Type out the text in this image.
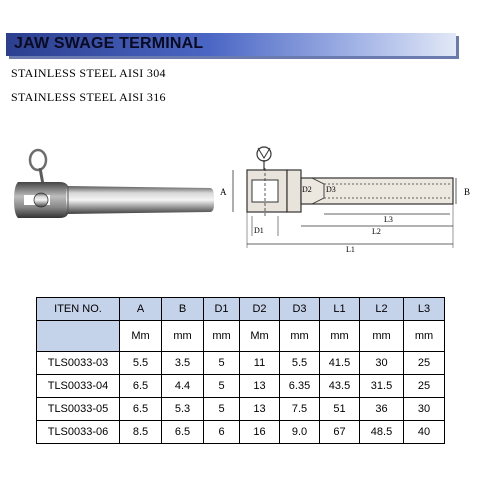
JAW SWAGE TERMINAL
STAINLESS STEEL AISI 304
STAINLESS STEEL AISI 316
B
A	D2 D3
D1
L3
L2
L1
ITEN NO.	A	B	D1	D2	D3	L1	L2	L3
	Mm	mm	mm	Mm	mm	mm	mm	mm
TLS0033-03	5.5	3.5	5	11	5.5	41.5	30	25
TLS0033-04	6.5	4.4	5	13	6.35	43.5	31.5	25
TLS0033-05	6.5	5.3	5	13	7.5	51	36	30
TLS0033-06	8.5	6.5	6	16	9.0	67	48.5	40
